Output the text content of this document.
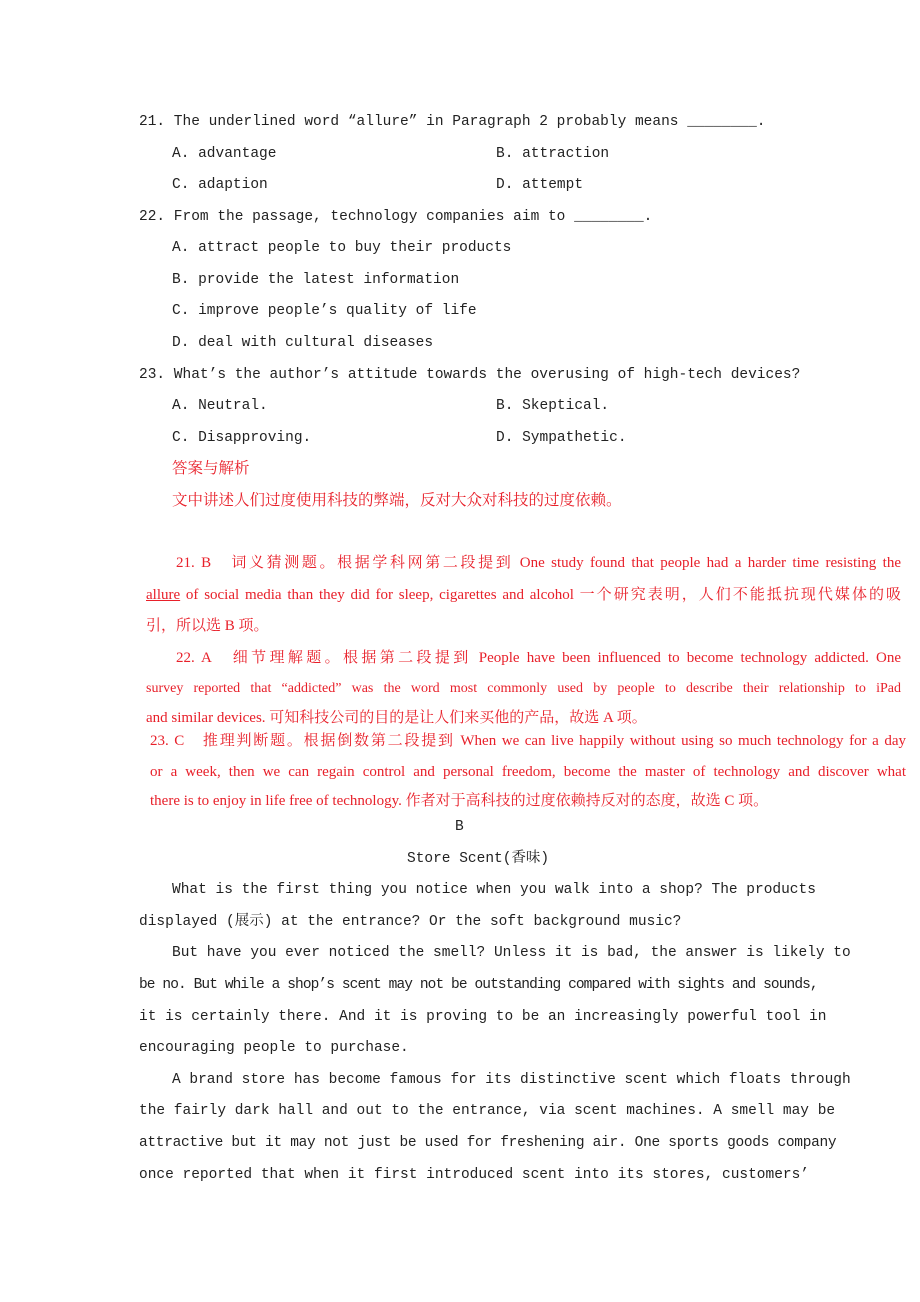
21. The underlined word “allure” in Paragraph 2 probably means ________.
A. advantage	B. attraction
C. adaption	D. attempt
22. From the passage, technology companies aim to ________.
A. attract people to buy their products
B. provide the latest information
C. improve people’s quality of life
D. deal with cultural diseases
23. What’s the author’s attitude towards the overusing of high-tech devices?
A. Neutral.	B. Skeptical.
C. Disapproving.	D. Sympathetic.
答案与解析
文中讲述人们过度使用科技的弊端，反对大众对科技的过度依赖。
21. B　词义猜测题。根据学科网第二段提到 One study found that people had a harder time resisting the
allure of social media than they did for sleep, cigarettes and alcohol 一个研究表明，人们不能抵抗现代媒体的吸
引，所以选 B 项。
22. A　细节理解题。根据第二段提到 People have been influenced to become technology addicted. One
survey reported that “addicted” was the word most commonly used by people to describe their relationship to iPad
and similar devices. 可知科技公司的目的是让人们来买他的产品，故选 A 项。
23. C　推理判断题。根据倒数第二段提到 When we can live happily without using so much technology for a day
or a week, then we can regain control and personal freedom, become the master of technology and discover what
there is to enjoy in life free of technology. 作者对于高科技的过度依赖持反对的态度，故选 C 项。
B
Store Scent(香味)
What is the first thing you notice when you walk into a shop? The products
displayed (展示) at the entrance? Or the soft background music?
But have you ever noticed the smell? Unless it is bad, the answer is likely to
be no. But while a shop’s scent may not be outstanding compared with sights and sounds,
it is certainly there. And it is proving to be an increasingly powerful tool in
encouraging people to purchase.
A brand store has become famous for its distinctive scent which floats through
the fairly dark hall and out to the entrance, via scent machines. A smell may be
attractive but it may not just be used for freshening air. One sports goods company
once reported that when it first introduced scent into its stores, customers’
